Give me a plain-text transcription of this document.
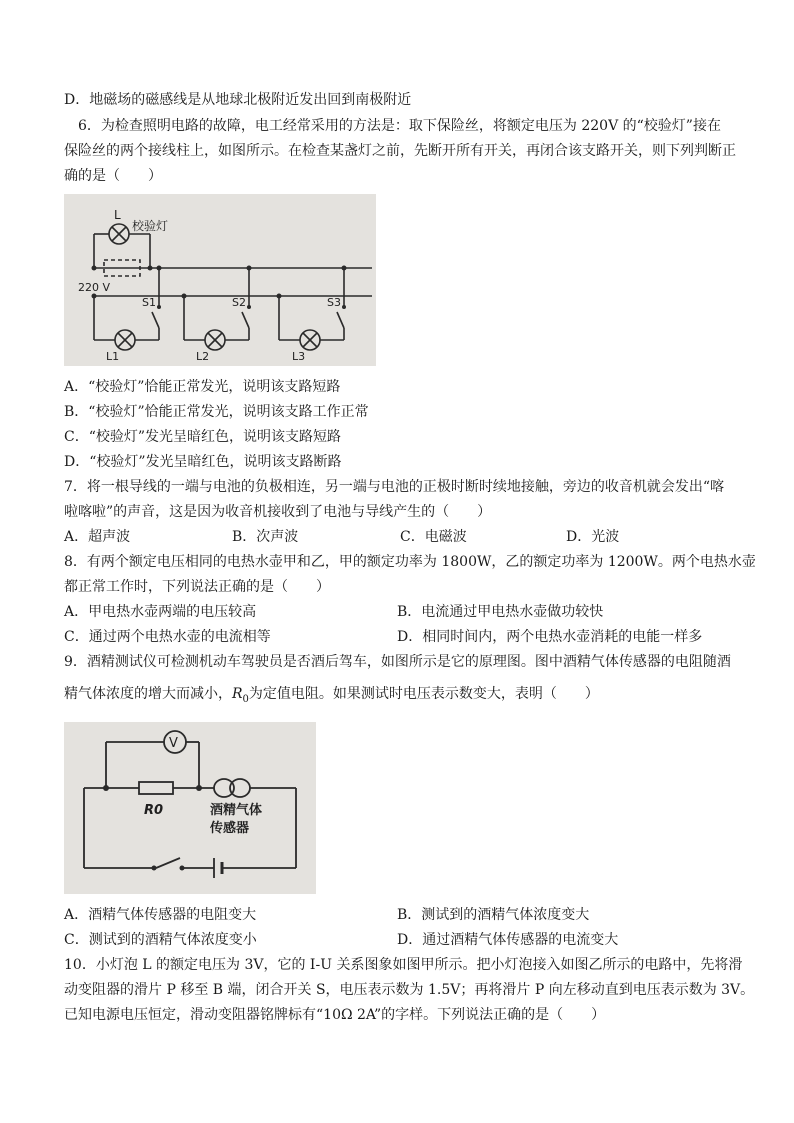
D．地磁场的磁感线是从地球北极附近发出回到南极附近
6．为检查照明电路的故障，电工经常采用的方法是：取下保险丝，将额定电压为 220V 的“校验灯”接在
保险丝的两个接线柱上，如图所示。在检查某盏灯之前，先断开所有开关，再闭合该支路开关，则下列判断正
确的是（　　）
L
校验灯
220 V
S1	S2	S3
L1	L2	L3
A．“校验灯”恰能正常发光，说明该支路短路
B．“校验灯”恰能正常发光，说明该支路工作正常
C．“校验灯”发光呈暗红色，说明该支路短路
D．“校验灯”发光呈暗红色，说明该支路断路
7．将一根导线的一端与电池的负极相连，另一端与电池的正极时断时续地接触，旁边的收音机就会发出“喀
啦喀啦”的声音，这是因为收音机接收到了电池与导线产生的（　　）
A．超声波	B．次声波	C．电磁波	D．光波
8．有两个额定电压相同的电热水壶甲和乙，甲的额定功率为 1800W，乙的额定功率为 1200W。两个电热水壶
都正常工作时，下列说法正确的是（　　）
A．甲电热水壶两端的电压较高	B．电流通过甲电热水壶做功较快
C．通过两个电热水壶的电流相等	D．相同时间内，两个电热水壶消耗的电能一样多
9．酒精测试仪可检测机动车驾驶员是否酒后驾车，如图所示是它的原理图。图中酒精气体传感器的电阻随酒
精气体浓度的增大而减小，$R_0$为定值电阻。如果测试时电压表示数变大，表明（　　）
V
R0	酒精气体
传感器
A．酒精气体传感器的电阻变大	B．测试到的酒精气体浓度变大
C．测试到的酒精气体浓度变小	D．通过酒精气体传感器的电流变大
10．小灯泡 L 的额定电压为 3V，它的 I-U 关系图象如图甲所示。把小灯泡接入如图乙所示的电路中，先将滑
动变阻器的滑片 P 移至 B 端，闭合开关 S，电压表示数为 1.5V；再将滑片 P 向左移动直到电压表示数为 3V。
已知电源电压恒定，滑动变阻器铭牌标有“10Ω 2A”的字样。下列说法正确的是（　　）
